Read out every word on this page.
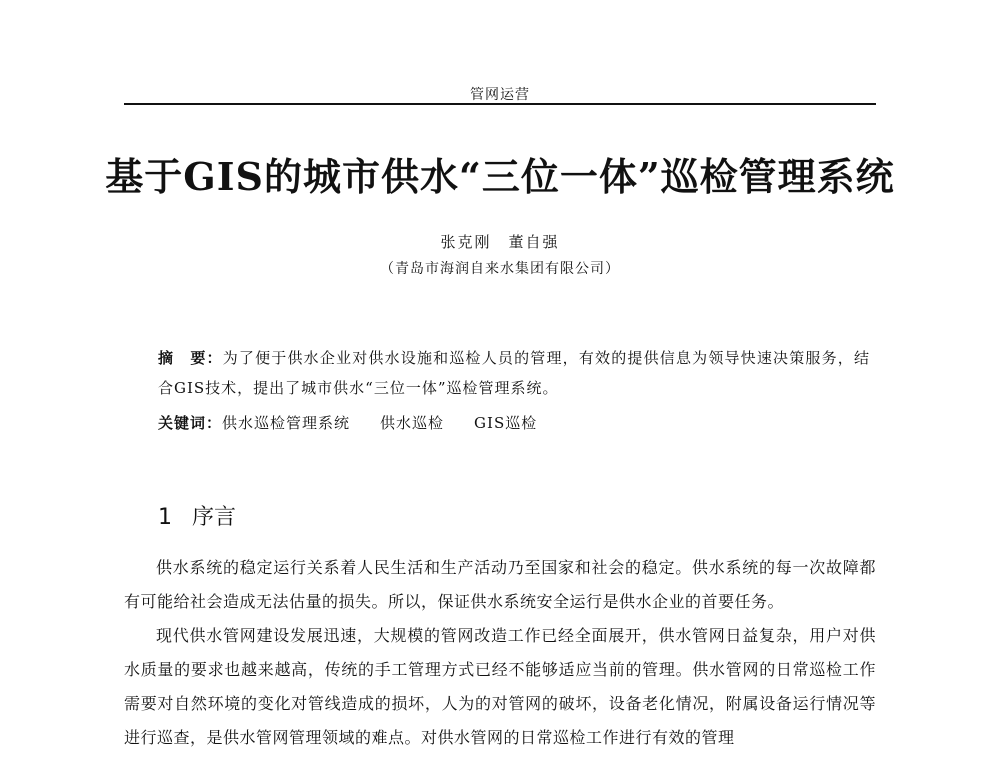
管网运营
基于GIS的城市供水“三位一体”巡检管理系统
张克刚　董自强
（青岛市海润自来水集团有限公司）
摘　要：为了便于供水企业对供水设施和巡检人员的管理，有效的提供信息为领导快速决策服务，结合GIS技术，提出了城市供水“三位一体”巡检管理系统。
关键词：供水巡检管理系统 供水巡检 GIS巡检
1 序言

供水系统的稳定运行关系着人民生活和生产活动乃至国家和社会的稳定。供水系统的每一次故障都有可能给社会造成无法估量的损失。所以，保证供水系统安全运行是供水企业的首要任务。

现代供水管网建设发展迅速，大规模的管网改造工作已经全面展开，供水管网日益复杂，用户对供水质量的要求也越来越高，传统的手工管理方式已经不能够适应当前的管理。供水管网的日常巡检工作需要对自然环境的变化对管线造成的损坏，人为的对管网的破坏，设备老化情况，附属设备运行情况等进行巡查，是供水管网管理领域的难点。对供水管网的日常巡检工作进行有效的管理
